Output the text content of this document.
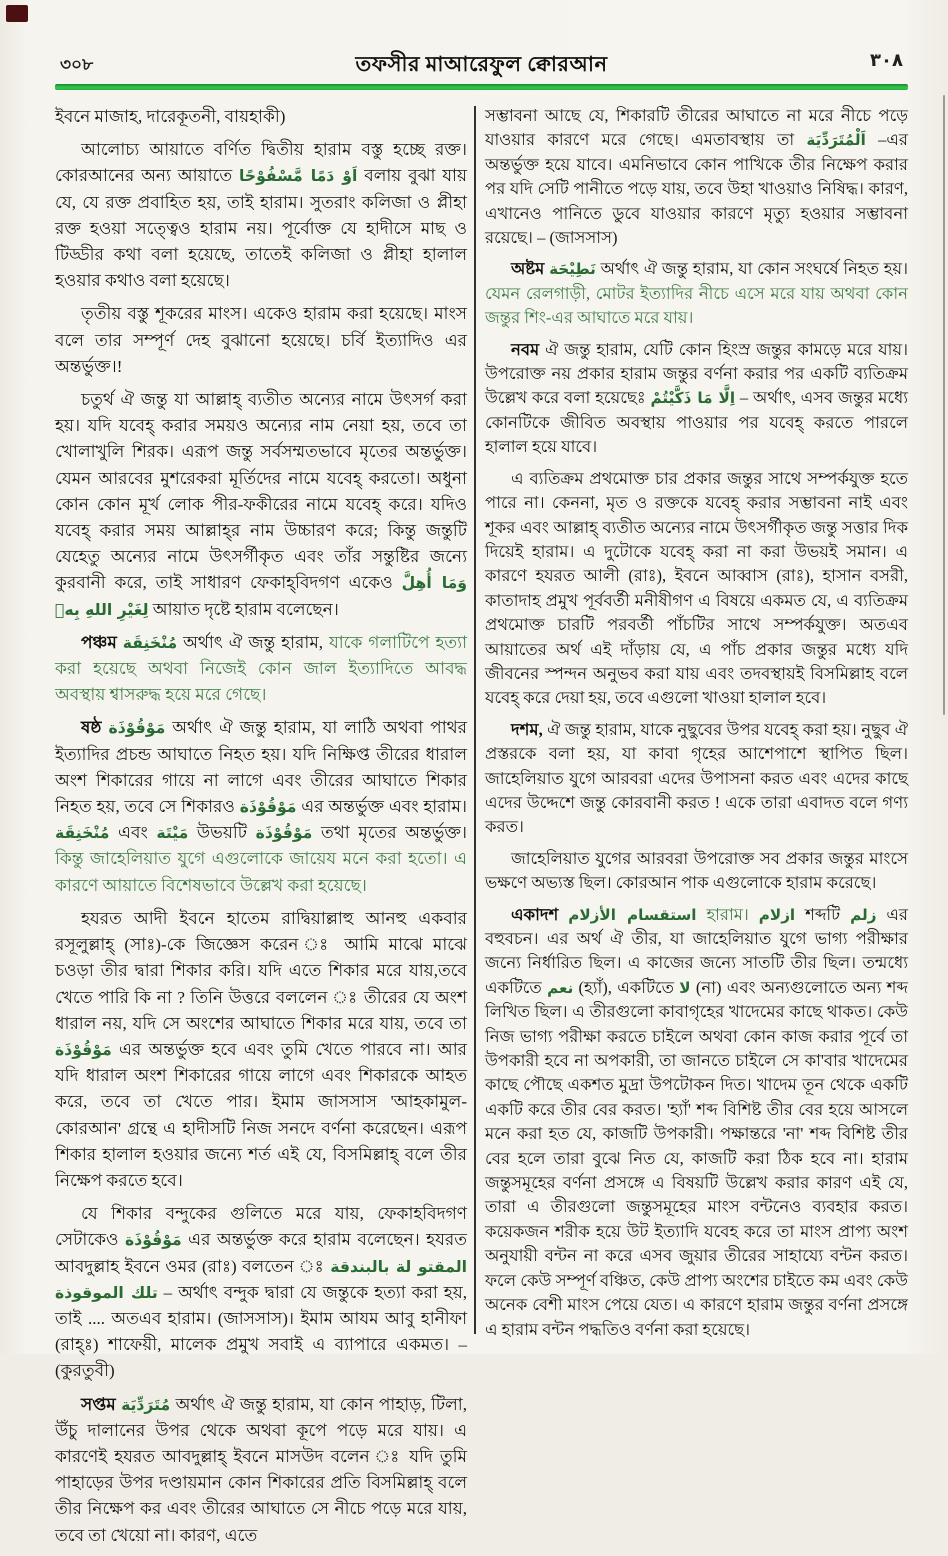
৩০৮	তফসীর মাআরেফুল ক্বোরআন	٣٠٨

ইবনে মাজাহ, দারেকূতনী, বায়হাকী)

আলোচ্য আয়াতে বর্ণিত দ্বিতীয় হারাম বস্তু হচ্ছে রক্ত। কোরআনের অন্য আয়াতে اَوْ دَمًا مَّسْفُوْحًا বলায় বুঝা যায় যে, যে রক্ত প্রবাহিত হয়, তাই হারাম। সুতরাং কলিজা ও প্লীহা রক্ত হওয়া সত্ত্বেও হারাম নয়। পূর্বোক্ত যে হাদীসে মাছ ও টিড্ডীর কথা বলা হয়েছে, তাতেই কলিজা ও প্লীহা হালাল হওয়ার কথাও বলা হয়েছে।

তৃতীয় বস্তু শূকরের মাংস। একেও হারাম করা হয়েছে। মাংস বলে তার সম্পূর্ণ দেহ বুঝানো হয়েছে। চর্বি ইত্যাদিও এর অন্তর্ভুক্ত।!

চতুর্থ ঐ জন্তু যা আল্লাহ্ ব্যতীত অন্যের নামে উৎসর্গ করা হয়। যদি যবেহ্ করার সময়ও অন্যের নাম নেয়া হয়, তবে তা খোলাখুলি শিরক। এরূপ জন্তু সর্বসম্মতভাবে মৃতের অন্তর্ভুক্ত। যেমন আরবের মুশরেকরা মূর্তিদের নামে যবেহ্ করতো। অধুনা কোন কোন মূর্খ লোক পীর-ফকীরের নামে যবেহ্ করে। যদিও যবেহ্ করার সময় আল্লাহ্‌র নাম উচ্চারণ করে; কিন্তু জন্তুটি যেহেতু অন্যের নামে উৎসর্গীকৃত এবং তাঁর সন্তুষ্টির জন্যে কুরবানী করে, তাই সাধারণ ফেকাহ্‌বিদগণ একেও وَمَا أُهِلَّ لِغَيْرِ اللهِ بِهٖ আয়াত দৃষ্টে হারাম বলেছেন।

পঞ্চম مُنْخَنِقَة অর্থাৎ ঐ জন্তু হারাম, যাকে গলাটিপে হত্যা করা হয়েছে অথবা নিজেই কোন জাল ইত্যাদিতে আবদ্ধ অবস্থায় শ্বাসরুদ্ধ হয়ে মরে গেছে।

ষষ্ঠ مَوْقُوْذَة অর্থাৎ ঐ জন্তু হারাম, যা লাঠি অথবা পাথর ইত্যাদির প্রচন্ড আঘাতে নিহত হয়। যদি নিক্ষিপ্ত তীরের ধারাল অংশ শিকারের গায়ে না লাগে এবং তীরের আঘাতে শিকার নিহত হয়, তবে সে শিকারও مَوْقُوْذَة এর অন্তর্ভুক্ত এবং হারাম। مُنْخَنِقَة এবং مَيْتَة উভয়টি مَوْقُوْذَة তথা মৃতের অন্তর্ভুক্ত। কিন্তু জাহেলিয়াত যুগে এগুলোকে জায়েয মনে করা হতো। এ কারণে আয়াতে বিশেষভাবে উল্লেখ করা হয়েছে।

হযরত আদী ইবনে হাতেম রাদ্বিয়াল্লাহু আনহু একবার রসূলুল্লাহ্ (সাঃ)-কে জিজ্ঞেস করেন ঃ আমি মাঝে মাঝে চওড়া তীর দ্বারা শিকার করি। যদি এতে শিকার মরে যায়,তবে খেতে পারি কি না ? তিনি উত্তরে বললেন ঃ তীরের যে অংশ ধারাল নয়, যদি সে অংশের আঘাতে শিকার মরে যায়, তবে তা مَوْقُوْذَة এর অন্তর্ভুক্ত হবে এবং তুমি খেতে পারবে না। আর যদি ধারাল অংশ শিকারের গায়ে লাগে এবং শিকারকে আহত করে, তবে তা খেতে পার। ইমাম জাসসাস 'আহকামুল-কোরআন' গ্রন্থে এ হাদীসটি নিজ সনদে বর্ণনা করেছেন। এরূপ শিকার হালাল হওয়ার জন্যে শর্ত এই যে, বিসমিল্লাহ্ বলে তীর নিক্ষেপ করতে হবে।

যে শিকার বন্দুকের গুলিতে মরে যায়, ফেকাহবিদগণ সেটাকেও مَوْقُوْذَة এর অন্তর্ভুক্ত করে হারাম বলেছেন। হযরত আবদুল্লাহ ইবনে ওমর (রাঃ) বলতেন ঃ المقتو لة بالبندقة تلك الموقوذة – অর্থাৎ বন্দুক দ্বারা যে জন্তুকে হত্যা করা হয়, তাই .... অতএব হারাম। (জাসসাস)। ইমাম আযম আবু হানীফা (রাহ্ঃ) শাফেয়ী, মালেক প্রমুখ সবাই এ ব্যাপারে একমত। – (কুরতুবী)

সপ্তম مُتَرَدِّيَة অর্থাৎ ঐ জন্তু হারাম, যা কোন পাহাড়, টিলা, উঁচু দালানের উপর থেকে অথবা কূপে পড়ে মরে যায়। এ কারণেই হযরত আবদুল্লাহ্ ইবনে মাসউদ বলেন ঃ যদি তুমি পাহাড়ের উপর দণ্ডায়মান কোন শিকারের প্রতি বিসমিল্লাহ্ বলে তীর নিক্ষেপ কর এবং তীরের আঘাতে সে নীচে পড়ে মরে যায়, তবে তা খেয়ো না। কারণ, এতে

সম্ভাবনা আছে যে, শিকারটি তীরের আঘাতে না মরে নীচে পড়ে যাওয়ার কারণে মরে গেছে। এমতাবস্থায় তা اَلْمُتَرَدِّيَة –এর অন্তর্ভুক্ত হয়ে যাবে। এমনিভাবে কোন পাখিকে তীর নিক্ষেপ করার পর যদি সেটি পানীতে পড়ে যায়, তবে উহা খাওয়াও নিষিদ্ধ। কারণ, এখানেও পানিতে ডুবে যাওয়ার কারণে মৃত্যু হওয়ার সম্ভাবনা রয়েছে। – (জাসসাস)

অষ্টম نَطِيْحَة অর্থাৎ ঐ জন্তু হারাম, যা কোন সংঘর্ষে নিহত হয়। যেমন রেলগাড়ী, মোটর ইত্যাদির নীচে এসে মরে যায় অথবা কোন জন্তুর শিং-এর আঘাতে মরে যায়।

নবম ঐ জন্তু হারাম, যেটি কোন হিংস্র জন্তুর কামড়ে মরে যায়। উপরোক্ত নয় প্রকার হারাম জন্তুর বর্ণনা করার পর একটি ব্যতিক্রম উল্লেখ করে বলা হয়েছেঃ اِلَّا مَا ذَكَّيْتُمْ – অর্থাৎ, এসব জন্তুর মধ্যে কোনটিকে জীবিত অবস্থায় পাওয়ার পর যবেহ্ করতে পারলে হালাল হয়ে যাবে।

এ ব্যতিক্রম প্রথমোক্ত চার প্রকার জন্তুর সাথে সম্পর্কযুক্ত হতে পারে না। কেননা, মৃত ও রক্তকে যবেহ্ করার সম্ভাবনা নাই এবং শূকর এবং আল্লাহ্ ব্যতীত অন্যের নামে উৎসর্গীকৃত জন্তু সত্তার দিক দিয়েই হারাম। এ দুটোকে যবেহ্ করা না করা উভয়ই সমান। এ কারণে হযরত আলী (রাঃ), ইবনে আব্বাস (রাঃ), হাসান বসরী, কাতাদাহ প্রমুখ পূর্ববর্তী মনীষীগণ এ বিষয়ে একমত যে, এ ব্যতিক্রম প্রথমোক্ত চারটি পরবর্তী পাঁচটির সাথে সম্পর্কযুক্ত। অতএব আয়াতের অর্থ এই দাঁড়ায় যে, এ পাঁচ প্রকার জন্তুর মধ্যে যদি জীবনের স্পন্দন অনুভব করা যায় এবং তদবস্থায়ই বিসমিল্লাহ বলে যবেহ্ করে দেয়া হয়, তবে এগুলো খাওয়া হালাল হবে।

দশম, ঐ জন্তু হারাম, যাকে নুছুবের উপর যবেহ্ করা হয়। নুছুব ঐ প্রস্তরকে বলা হয়, যা কাবা গৃহের আশেপাশে স্থাপিত ছিল। জাহেলিয়াত যুগে আরবরা এদের উপাসনা করত এবং এদের কাছে এদের উদ্দেশে জন্তু কোরবানী করত ! একে তারা এবাদত বলে গণ্য করত।

জাহেলিয়াত যুগের আরবরা উপরোক্ত সব প্রকার জন্তুর মাংসে ভক্ষণে অভ্যস্ত ছিল। কোরআন পাক এগুলোকে হারাম করেছে।

একাদশ استقسام الأزلام হারাম। ازلام শব্দটি زلم এর বহুবচন। এর অর্থ ঐ তীর, যা জাহেলিয়াত যুগে ভাগ্য পরীক্ষার জন্যে নির্ধারিত ছিল। এ কাজের জন্যে সাতটি তীর ছিল। তন্মধ্যে একটিতে نعم (হ্যাঁ), একটিতে لا (না) এবং অন্যগুলোতে অন্য শব্দ লিখিত ছিল। এ তীরগুলো কাবাগৃহের খাদেমের কাছে থাকত। কেউ নিজ ভাগ্য পরীক্ষা করতে চাইলে অথবা কোন কাজ করার পূর্বে তা উপকারী হবে না অপকারী, তা জানতে চাইলে সে কা'বার খাদেমের কাছে পৌছে একশত মুদ্রা উপটোকন দিত। খাদেম তূন থেকে একটি একটি করে তীর বের করত। 'হ্যাঁ' শব্দ বিশিষ্ট তীর বের হয়ে আসলে মনে করা হত যে, কাজটি উপকারী। পক্ষান্তরে 'না' শব্দ বিশিষ্ট তীর বের হলে তারা বুঝে নিত যে, কাজটি করা ঠিক হবে না। হারাম জন্তুসমূহের বর্ণনা প্রসঙ্গে এ বিষয়টি উল্লেখ করার কারণ এই যে, তারা এ তীরগুলো জন্তুসমূহের মাংস বন্টনেও ব্যবহার করত। কয়েকজন শরীক হয়ে উট ইত্যাদি যবেহ করে তা মাংস প্রাপ্য অংশ অনুযায়ী বন্টন না করে এসব জুয়ার তীরের সাহায্যে বন্টন করত। ফলে কেউ সম্পূর্ণ বঞ্চিত, কেউ প্রাপ্য অংশের চাইতে কম এবং কেউ অনেক বেশী মাংস পেয়ে যেত। এ কারণে হারাম জন্তুর বর্ণনা প্রসঙ্গে এ হারাম বন্টন পদ্ধতিও বর্ণনা করা হয়েছে।
